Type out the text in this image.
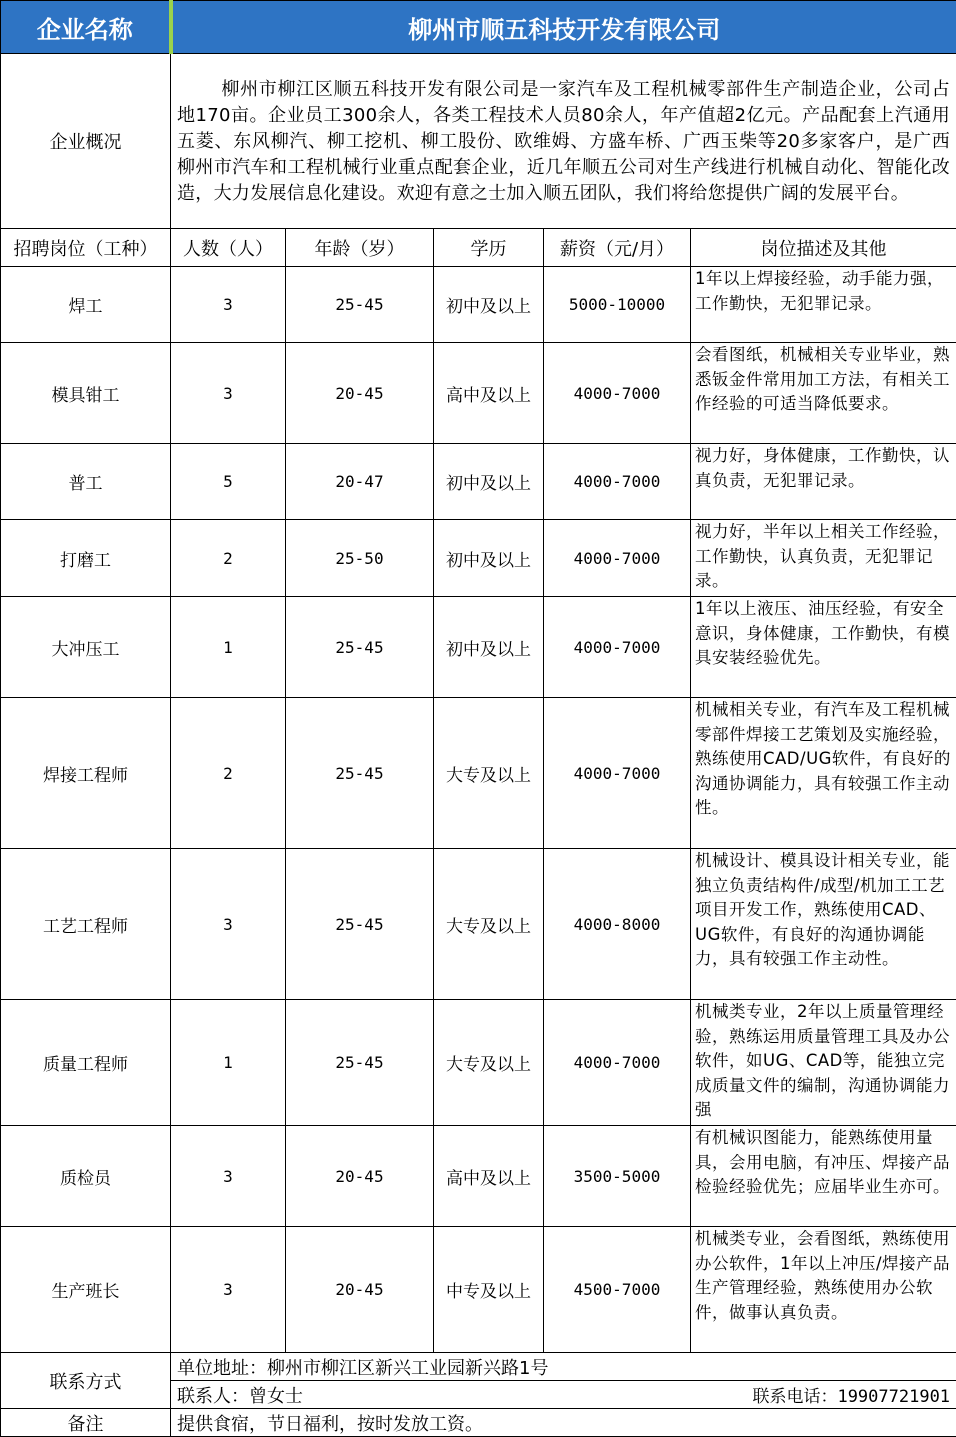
企业名称	柳州市顺五科技开发有限公司				
企业概况	柳州市柳江区顺五科技开发有限公司是一家汽车及工程机械零部件生产制造企业，公司占地170亩。企业员工300余人，各类工程技术人员80余人，年产值超2亿元。产品配套上汽通用五菱、东风柳汽、柳工挖机、柳工股份、欧维姆、方盛车桥、广西玉柴等20多家客户，是广西柳州市汽车和工程机械行业重点配套企业，近几年顺五公司对生产线进行机械自动化、智能化改造，大力发展信息化建设。欢迎有意之士加入顺五团队，我们将给您提供广阔的发展平台。				
招聘岗位（工种）	人数（人）	年龄（岁）	学历	薪资（元/月）	岗位描述及其他
焊工	3	25-45	初中及以上	5000-10000	1年以上焊接经验，动手能力强，工作勤快，无犯罪记录。
模具钳工	3	20-45	高中及以上	4000-7000	会看图纸，机械相关专业毕业，熟悉钣金件常用加工方法，有相关工作经验的可适当降低要求。
普工	5	20-47	初中及以上	4000-7000	视力好，身体健康，工作勤快，认真负责，无犯罪记录。
打磨工	2	25-50	初中及以上	4000-7000	视力好，半年以上相关工作经验，工作勤快，认真负责，无犯罪记录。
大冲压工	1	25-45	初中及以上	4000-7000	1年以上液压、油压经验，有安全意识，身体健康，工作勤快，有模具安装经验优先。
焊接工程师	2	25-45	大专及以上	4000-7000	机械相关专业，有汽车及工程机械零部件焊接工艺策划及实施经验，熟练使用CAD/UG软件，有良好的沟通协调能力，具有较强工作主动性。
工艺工程师	3	25-45	大专及以上	4000-8000	机械设计、模具设计相关专业，能独立负责结构件/成型/机加工工艺项目开发工作，熟练使用CAD、UG软件，有良好的沟通协调能力，具有较强工作主动性。
质量工程师	1	25-45	大专及以上	4000-7000	机械类专业，2年以上质量管理经验，熟练运用质量管理工具及办公软件，如UG、CAD等，能独立完成质量文件的编制，沟通协调能力强
质检员	3	20-45	高中及以上	3500-5000	有机械识图能力，能熟练使用量具，会用电脑，有冲压、焊接产品检验经验优先；应届毕业生亦可。
生产班长	3	20-45	中专及以上	4500-7000	机械类专业，会看图纸，熟练使用办公软件，1年以上冲压/焊接产品生产管理经验，熟练使用办公软件，做事认真负责。
联系方式	单位地址：柳州市柳江区新兴工业园新兴路1号				

	联系人：曾女士 联系电话：19907721901				

备注	提供食宿，节日福利，按时发放工资。				
